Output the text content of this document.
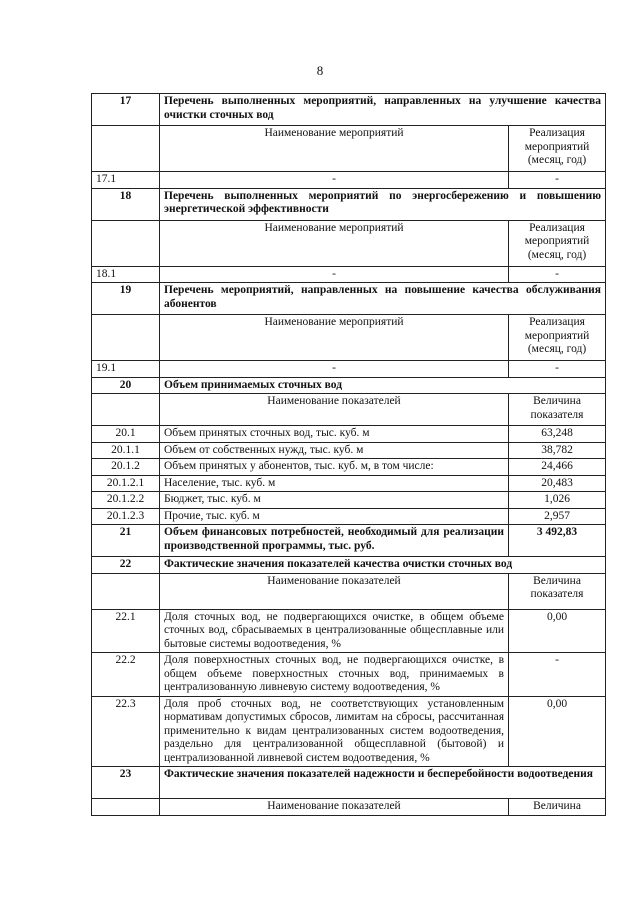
8
17	Перечень выполненных мероприятий, направленных на улучшение качества очистки сточных вод	
	Наименование мероприятий	Реализация мероприятий (месяц, год)
17.1	-	-
18	Перечень выполненных мероприятий по энергосбережению и повышению энергетической эффективности	
	Наименование мероприятий	Реализация мероприятий (месяц, год)
18.1	-	-
19	Перечень мероприятий, направленных на повышение качества обслуживания абонентов	
	Наименование мероприятий	Реализация мероприятий (месяц, год)
19.1	-	-
20	Объем принимаемых сточных вод	
	Наименование показателей	Величина показателя
20.1	Объем принятых сточных вод, тыс. куб. м	63,248
20.1.1	Объем от собственных нужд, тыс. куб. м	38,782
20.1.2	Объем принятых у абонентов, тыс. куб. м, в том числе:	24,466
20.1.2.1	Население, тыс. куб. м	20,483
20.1.2.2	Бюджет, тыс. куб. м	1,026
20.1.2.3	Прочие, тыс. куб. м	2,957
21	Объем финансовых потребностей, необходимый для реализации производственной программы, тыс. руб.	3 492,83
22	Фактические значения показателей качества очистки сточных вод	
	Наименование показателей	Величина показателя
22.1	Доля сточных вод, не подвергающихся очистке, в общем объеме сточных вод, сбрасываемых в централизованные общесплавные или бытовые системы водоотведения, %	0,00
22.2	Доля поверхностных сточных вод, не подвергающихся очистке, в общем объеме поверхностных сточных вод, принимаемых в централизованную ливневую систему водоотведения, %	-
22.3	Доля проб сточных вод, не соответствующих установленным нормативам допустимых сбросов, лимитам на сбросы, рассчитанная применительно к видам централизованных систем водоотведения, раздельно для централизованной общесплавной (бытовой) и централизованной ливневой систем водоотведения, %	0,00
23	Фактические значения показателей надежности и бесперебойности водоотведения	
	Наименование показателей	Величина
